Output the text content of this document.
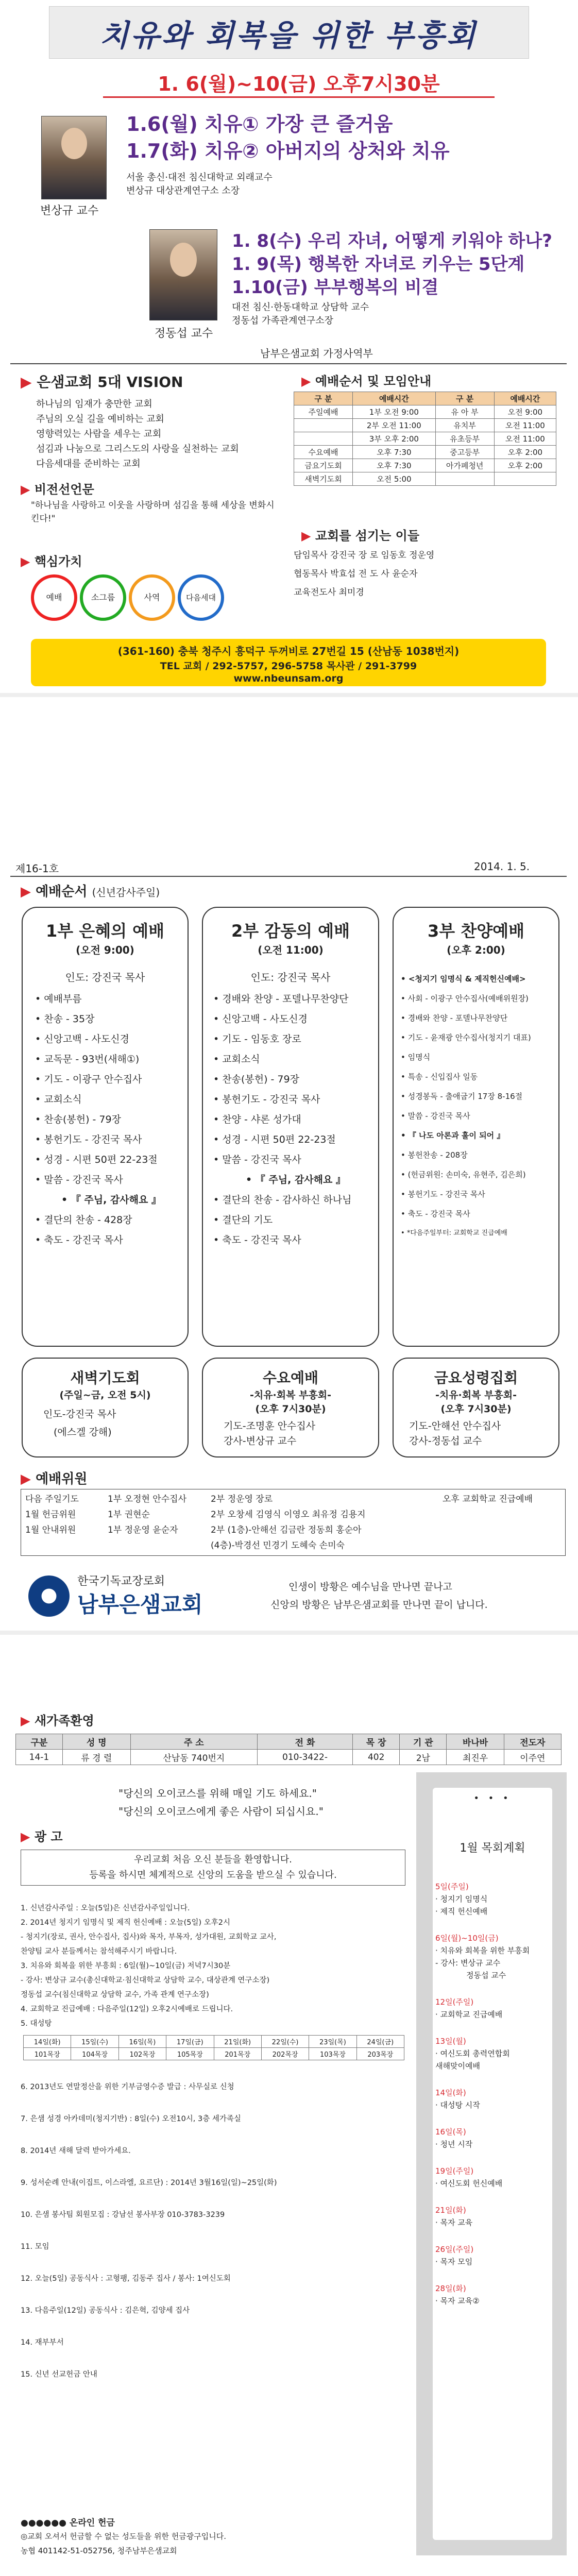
치유와 회복을 위한 부흥회
1. 6(월)~10(금) 오후7시30분
1.6(월) 치유① 가장 큰 즐거움
1.7(화) 치유② 아버지의 상처와 치유
서울 총신·대전 침신대학교 외래교수
변상규 대상관계연구소 소장
변상규 교수
1. 8(수) 우리 자녀, 어떻게 키워야 하나?
1. 9(목) 행복한 자녀로 키우는 5단계
1.10(금) 부부행복의 비결
대전 침신·한동대학교 상담학 교수
정동섭 가족관계연구소장
정동섭 교수
남부은샘교회 가정사역부
▶ 은샘교회 5대 VISION
하나님의 임재가 충만한 교회
주님의 오실 길을 예비하는 교회
영향력있는 사람을 세우는 교회
섬김과 나눔으로 그리스도의 사랑을 실천하는 교회
다음세대를 준비하는 교회
▶ 비전선언문
"하나님을 사랑하고 이웃을 사랑하며 섬김을 통해 세상을 변화시킨다!"
▶ 핵심가치
예배	소그룹	사역	다음세대
▶ 예배순서 및 모임안내
구 분	예배시간	구 분	예배시간
주일예배	1부 오전 9:00	유 아 부	오전 9:00
	2부 오전 11:00	유치부	오전 11:00
	3부 오후 2:00	유초등부	오전 11:00
수요예배	오후 7:30	중고등부	오후 2:00
금요기도회	오후 7:30	아가페청년	오후 2:00
새벽기도회	오전 5:00		
▶ 교회를 섬기는 이들
담임목사 강진국 장 로 임동호 정운영
협동목사 박효섭 전 도 사 윤순자
교육전도사 최미경
(361-160) 충북 청주시 흥덕구 두꺼비로 27번길 15 (산남동 1038번지)
TEL 교회 / 292-5757, 296-5758 목사관 / 291-3799
www.nbeunsam.org
제16-1호	2014. 1. 5.
▶ 예배순서 (신년감사주일)
1부 은혜의 예배
(오전 9:00)
인도: 강진국 목사
• 예배부름
• 찬송 - 35장
• 신앙고백 - 사도신경
• 교독문 - 93번(새해①)
• 기도 - 이광구 안수집사
• 교회소식
• 찬송(봉헌) - 79장
• 봉헌기도 - 강진국 목사
• 성경 - 시편 50편 22-23절
• 말씀 - 강진국 목사
• 『 주님, 감사해요 』
• 결단의 찬송 - 428장
• 축도 - 강진국 목사
2부 감동의 예배
(오전 11:00)
인도: 강진국 목사
• 경배와 찬양 - 포델나무찬양단
• 신앙고백 - 사도신경
• 기도 - 임동호 장로
• 교회소식
• 찬송(봉헌) - 79장
• 봉헌기도 - 강진국 목사
• 찬양 - 샤론 성가대
• 성경 - 시편 50편 22-23절
• 말씀 - 강진국 목사
• 『 주님, 감사해요 』
• 결단의 찬송 - 감사하신 하나님
• 결단의 기도
• 축도 - 강진국 목사
3부 찬양예배
(오후 2:00)
• <청지기 임명식 & 제직헌신예배>
• 사회 - 이광구 안수집사(예배위원장)
• 경배와 찬양 - 포델나무찬양단
• 기도 - 윤재광 안수집사(청지기 대표)
• 임명식
• 특송 - 신입집사 일동
• 성경봉독 - 출애굽기 17장 8-16절
• 말씀 - 강진국 목사
• 『 나도 아론과 훌이 되어 』
• 봉헌찬송 - 208장
• (헌금위원: 손미숙, 유현주, 김은희)
• 봉헌기도 - 강진국 목사
• 축도 - 강진국 목사
• *다음주일부터: 교회학교 진급예배
새벽기도회
(주일~금, 오전 5시)
인도-강진국 목사
(에스겔 강해)
수요예배
-치유·회복 부흥회-
(오후 7시30분)
기도-조명훈 안수집사
강사-변상규 교수
금요성령집회
-치유·회복 부흥회-
(오후 7시30분)
기도-안해선 안수집사
강사-정동섭 교수
▶ 예배위원
다음 주일기도	1부 오정현 안수집사	2부 정운영 장로	오후 교회학교 진급예배
1월 헌금위원	1부 권현순	2부 오창세 김영식 이영오 최유정 김용지
1월 안내위원	1부 정운영 윤순자	2부 (1층)-안해선 김금란 정동희 홍순아
(4층)-박경선 민경기 도혜숙 손미숙
한국기독교장로회
남부은샘교회
인생이 방황은 예수님을 만나면 끝나고
신앙의 방황은 남부은샘교회를 만나면 끝이 납니다.
▶ 새가족환영
구분	성 명	주 소	전 화	목 장	기 관	바나바	전도자
14-1	류 경 렬	산남동 740번지	010-3422-	402	2남	최진우	이주연
"당신의 오이코스를 위해 매일 기도 하세요."
"당신의 오이코스에게 좋은 사람이 되십시요."
▶ 광 고
우리교회 처음 오신 분들을 환영합니다.
등록을 하시면 체계적으로 신앙의 도움을 받으실 수 있습니다.
1. 신년감사주일 : 오늘(5일)은 신년감사주일입니다.
2. 2014년 청지기 임명식 및 제직 헌신예배 : 오늘(5일) 오후2시
- 청지기(장로, 권사, 안수집사, 집사)와 목자, 부목자, 성가대원, 교회학교 교사,
찬양팀 교사 분들께서는 참석해주시기 바랍니다.
3. 치유와 회복을 위한 부흥회 : 6일(월)~10일(금) 저녁7시30분
- 강사: 변상규 교수(총신대학교·침신대학교 상담학 교수, 대상관계 연구소장)
정동섭 교수(침신대학교 상담학 교수, 가족 관계 연구소장)
4. 교회학교 진급예배 : 다음주일(12일) 오후2시예배로 드립니다.
5. 대성탕
14일(화)	15일(수)	16일(목)	17일(금)	21일(화)	22일(수)	23일(목)	24일(금)
101목장	104목장	102목장	105목장	201목장	202목장	103목장	203목장
6. 2013년도 연말정산을 위한 기부금영수증 발급 : 사무실로 신청
7. 은샘 성경 아카데미(청지기반) : 8일(수) 오전10시, 3층 세가족실
8. 2014년 새해 달력 받아가세요.
9. 성서순례 안내(이집트, 이스라엘, 요르단) : 2014년 3월16일(일)~25일(화)
10. 은샘 봉사팀 회원모집 : 강남선 봉사부장 010-3783-3239
11. 모임
12. 오늘(5일) 공동식사 : 고형팽, 김동주 집사 / 봉사: 1여신도회
13. 다음주일(12일) 공동식사 : 김은혁, 김양세 집사
14. 재부부서
15. 신년 선교헌금 안내
●●●●●● 온라인 헌금
◎교회 오셔서 헌금할 수 없는 성도들을 위한 헌금광구입니다.
농협 401142-51-052756, 청주남부은샘교회
• • •
1월 목회계획
5일(주일)
· 청지기 임명식
· 제직 헌신예배
6일(월)~10일(금)
· 치유와 회복을 위한 부흥회
- 강사: 변상규 교수
정동섭 교수
12일(주일)
· 교회학교 진급예배
13일(월)
· 여신도회 총력연합회
새해맞이예배
14일(화)
· 대성탕 시작
16일(목)
· 청년 시작
19일(주일)
· 여신도회 헌신예배
21일(화)
· 목자 교육
26일(주일)
· 목자 모임
28일(화)
· 목자 교육②
